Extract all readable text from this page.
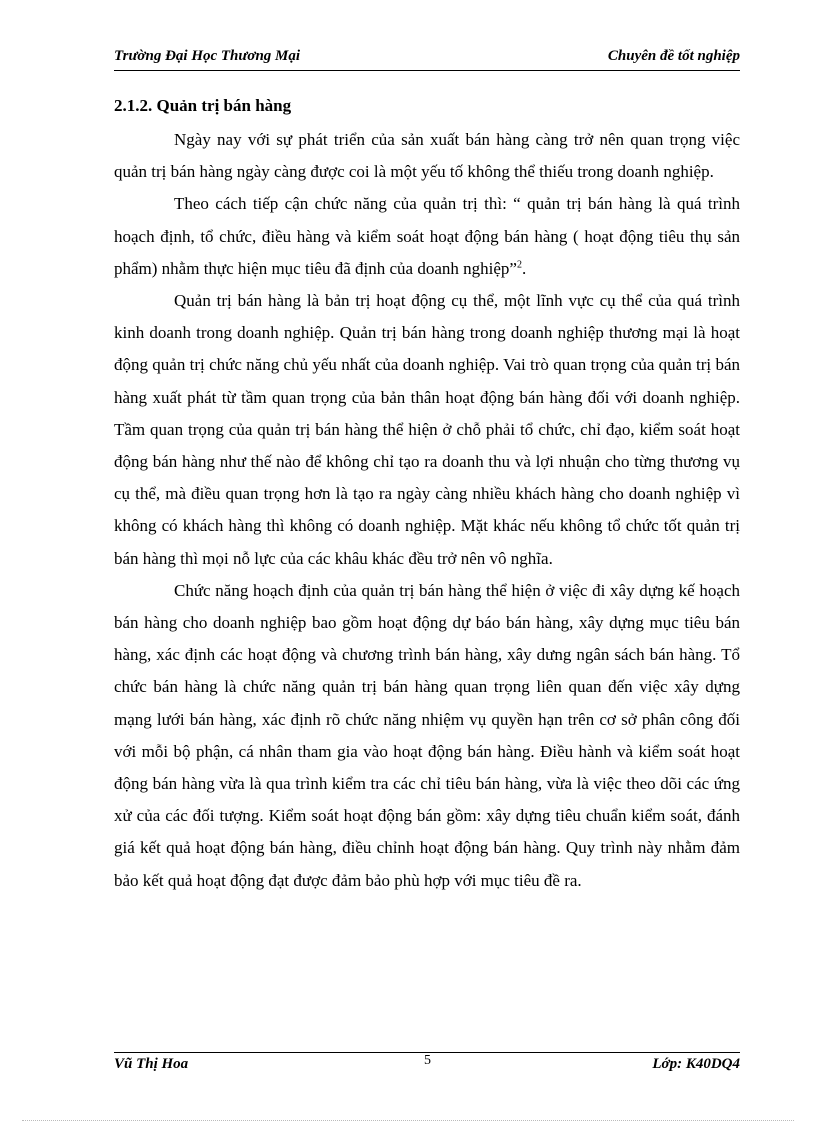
Trường Đại Học Thương Mại	Chuyên đề tốt nghiệp

2.1.2. Quản trị bán hàng

Ngày nay với sự phát triển của sản xuất bán hàng càng trở nên quan trọng việc quản trị bán hàng ngày càng được coi là một yếu tố không thể thiếu trong doanh nghiệp.

Theo cách tiếp cận chức năng của quản trị thì: “ quản trị bán hàng là quá trình hoạch định, tổ chức, điều hàng và kiểm soát hoạt động bán hàng ( hoạt động tiêu thụ sản phẩm) nhằm thực hiện mục tiêu đã định của doanh nghiệp”$^2$.

Quản trị bán hàng là bản trị hoạt động cụ thể, một lĩnh vực cụ thể của quá trình kinh doanh trong doanh nghiệp. Quản trị bán hàng trong doanh nghiệp thương mại là hoạt động quản trị chức năng chủ yếu nhất của doanh nghiệp. Vai trò quan trọng của quản trị bán hàng xuất phát từ tầm quan trọng của bản thân hoạt động bán hàng đối với doanh nghiệp. Tầm quan trọng của quản trị bán hàng thể hiện ở chỗ phải tổ chức, chỉ đạo, kiểm soát hoạt động bán hàng như thế nào để không chỉ tạo ra doanh thu và lợi nhuận cho từng thương vụ cụ thể, mà điều quan trọng hơn là tạo ra ngày càng nhiều khách hàng cho doanh nghiệp vì không có khách hàng thì không có doanh nghiệp. Mặt khác nếu không tổ chức tốt quản trị bán hàng thì mọi nỗ lực của các khâu khác đều trở nên vô nghĩa.

Chức năng hoạch định của quản trị bán hàng thể hiện ở việc đi xây dựng kế hoạch bán hàng cho doanh nghiệp bao gồm hoạt động dự báo bán hàng, xây dựng mục tiêu bán hàng, xác định các hoạt động và chương trình bán hàng, xây dưng ngân sách bán hàng. Tổ chức bán hàng là chức năng quản trị bán hàng quan trọng liên quan đến việc xây dựng mạng lưới bán hàng, xác định rõ chức năng nhiệm vụ quyền hạn trên cơ sở phân công đối với mỗi bộ phận, cá nhân tham gia vào hoạt động bán hàng. Điều hành và kiểm soát hoạt động bán hàng vừa là qua trình kiểm tra các chỉ tiêu bán hàng, vừa là việc theo dõi các ứng xử của các đối tượng. Kiểm soát hoạt động bán gồm: xây dựng tiêu chuẩn kiểm soát, đánh giá kết quả hoạt động bán hàng, điều chỉnh hoạt động bán hàng. Quy trình này nhằm đảm bảo kết quả hoạt động đạt được đảm bảo phù hợp với mục tiêu đề ra.

Vũ Thị Hoa	5	Lớp: K40DQ4
